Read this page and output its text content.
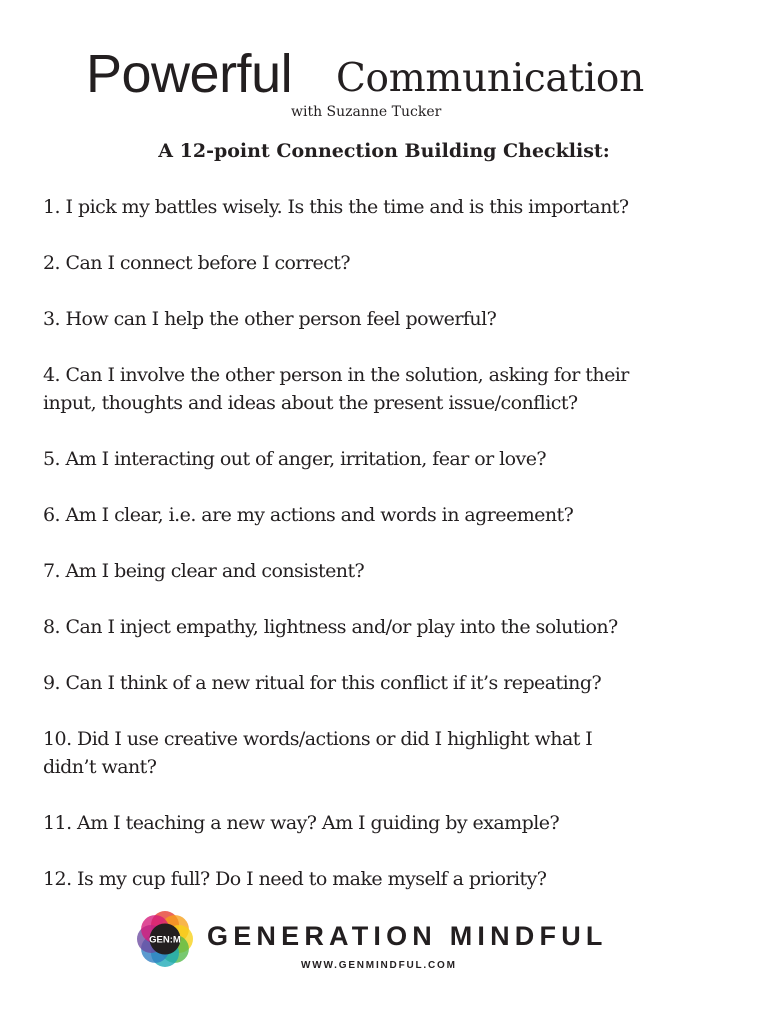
Powerful Communication
with Suzanne Tucker
A 12-point Connection Building Checklist:
1. I pick my battles wisely. Is this the time and is this important?
2. Can I connect before I correct?
3. How can I help the other person feel powerful?
4. Can I involve the other person in the solution, asking for their
input, thoughts and ideas about the present issue/conflict?
5. Am I interacting out of anger, irritation, fear or love?
6. Am I clear, i.e. are my actions and words in agreement?
7. Am I being clear and consistent?
8. Can I inject empathy, lightness and/or play into the solution?
9. Can I think of a new ritual for this conflict if it’s repeating?
10. Did I use creative words/actions or did I highlight what I
didn’t want?
11. Am I teaching a new way? Am I guiding by example?
12. Is my cup full? Do I need to make myself a priority?
GEN:M GENERATION MINDFUL
WWW.GENMINDFUL.COM
